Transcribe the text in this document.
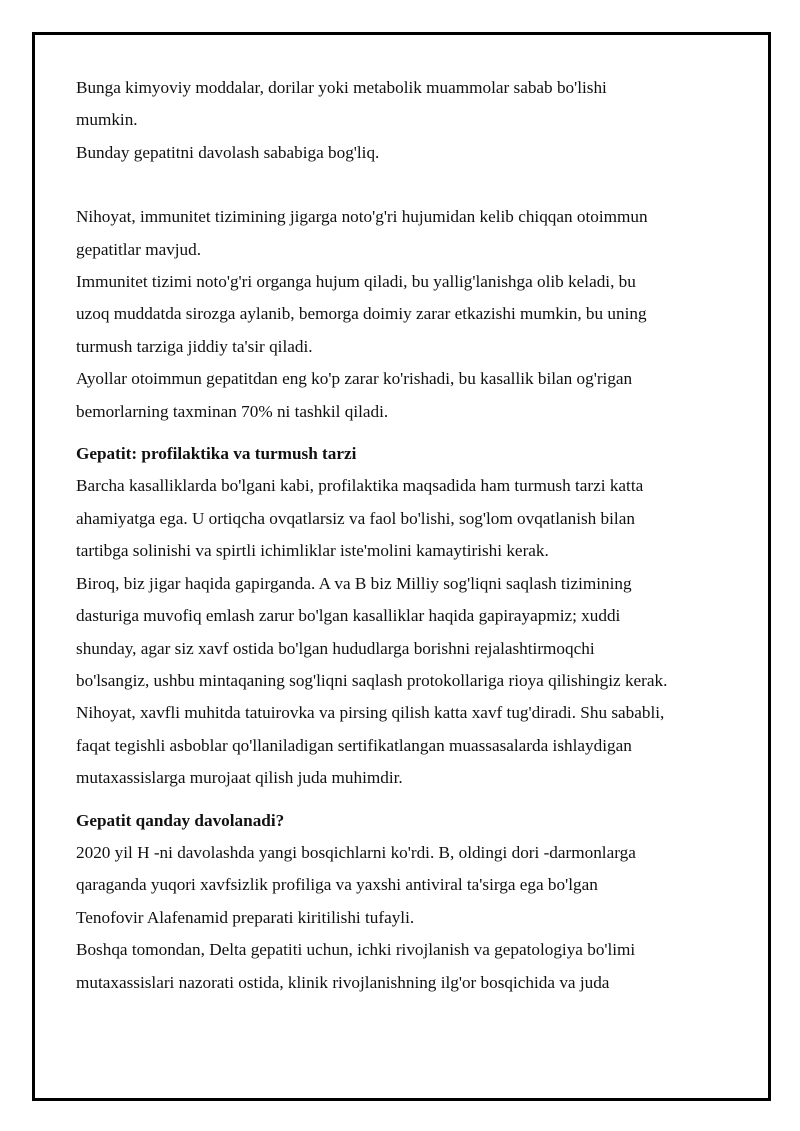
Bunga kimyoviy moddalar, dorilar yoki metabolik muammolar sabab bo'lishi
mumkin.
Bunday gepatitni davolash sababiga bog'liq.
Nihoyat, immunitet tizimining jigarga noto'g'ri hujumidan kelib chiqqan otoimmun
gepatitlar mavjud.
Immunitet tizimi noto'g'ri organga hujum qiladi, bu yallig'lanishga olib keladi, bu
uzoq muddatda sirozga aylanib, bemorga doimiy zarar etkazishi mumkin, bu uning
turmush tarziga jiddiy ta'sir qiladi.
Ayollar otoimmun gepatitdan eng ko'p zarar ko'rishadi, bu kasallik bilan og'rigan
bemorlarning taxminan 70% ni tashkil qiladi.
Gepatit: profilaktika va turmush tarzi
Barcha kasalliklarda bo'lgani kabi, profilaktika maqsadida ham turmush tarzi katta
ahamiyatga ega. U ortiqcha ovqatlarsiz va faol bo'lishi, sog'lom ovqatlanish bilan
tartibga solinishi va spirtli ichimliklar iste'molini kamaytirishi kerak.
Biroq, biz jigar haqida gapirganda. A va B biz Milliy sog'liqni saqlash tizimining
dasturiga muvofiq emlash zarur bo'lgan kasalliklar haqida gapirayapmiz; xuddi
shunday, agar siz xavf ostida bo'lgan hududlarga borishni rejalashtirmoqchi
bo'lsangiz, ushbu mintaqaning sog'liqni saqlash protokollariga rioya qilishingiz kerak.
Nihoyat, xavfli muhitda tatuirovka va pirsing qilish katta xavf tug'diradi. Shu sababli,
faqat tegishli asboblar qo'llaniladigan sertifikatlangan muassasalarda ishlaydigan
mutaxassislarga murojaat qilish juda muhimdir.
Gepatit qanday davolanadi?
2020 yil H -ni davolashda yangi bosqichlarni ko'rdi. B, oldingi dori -darmonlarga
qaraganda yuqori xavfsizlik profiliga va yaxshi antiviral ta'sirga ega bo'lgan
Tenofovir Alafenamid preparati kiritilishi tufayli.
Boshqa tomondan, Delta gepatiti uchun, ichki rivojlanish va gepatologiya bo'limi
mutaxassislari nazorati ostida, klinik rivojlanishning ilg'or bosqichida va juda
